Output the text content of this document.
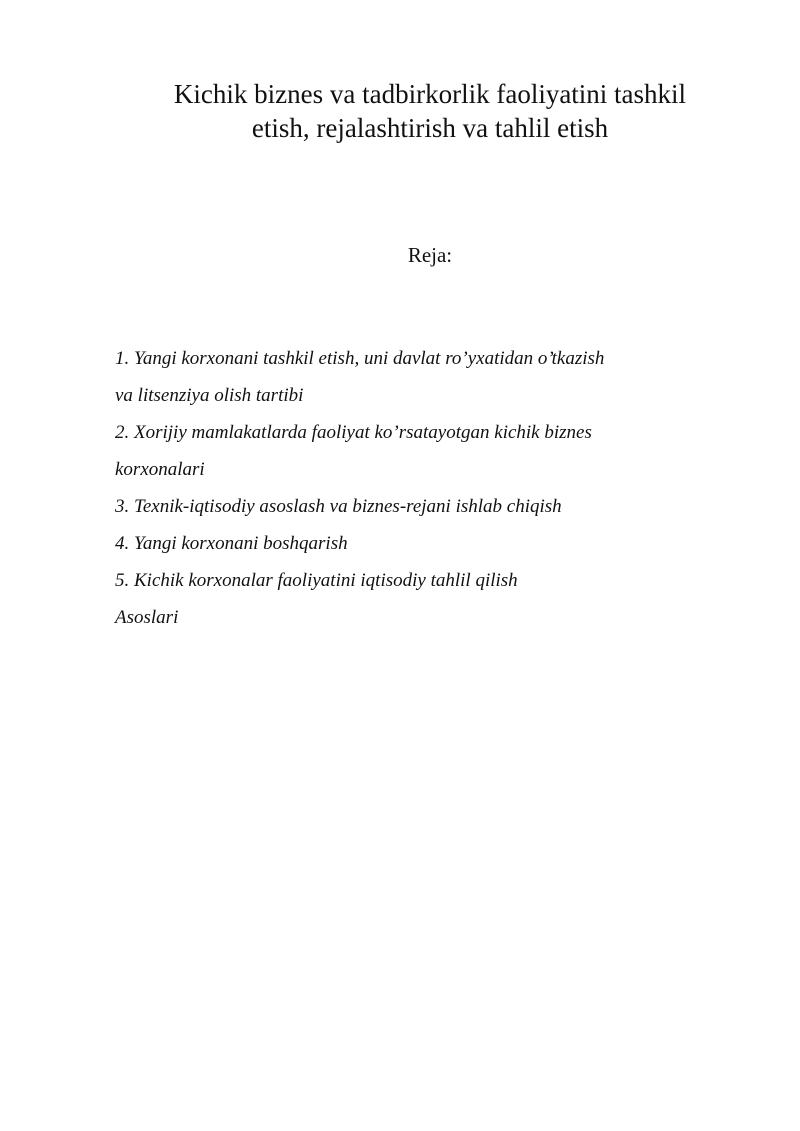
Kichik biznes va tadbirkorlik faoliyatini tashkil
etish, rejalashtirish va tahlil etish

Reja:

1. Yangi korxonani tashkil etish, uni davlat ro’yxatidan o’tkazish
va litsenziya olish tartibi
2. Xorijiy mamlakatlarda faoliyat ko’rsatayotgan kichik biznes
korxonalari
3. Texnik-iqtisodiy asoslash va biznes-rejani ishlab chiqish
4. Yangi korxonani boshqarish
5. Kichik korxonalar faoliyatini iqtisodiy tahlil qilish
Asoslari
